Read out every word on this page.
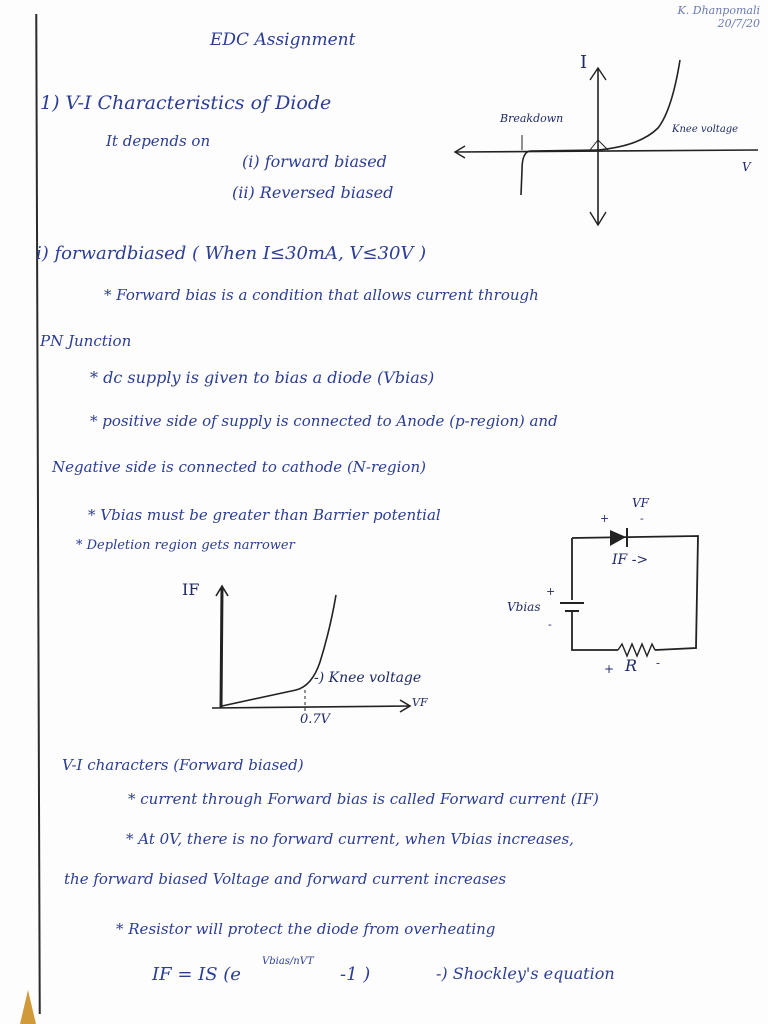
K. Dhanpomali
20/7/20
EDC Assignment
1) V-I Characteristics of Diode
It depends on
(i) forward biased
(ii) Reversed biased
I
V
Breakdown
Knee voltage
i) forwardbiased ( When I≤30mA, V≤30V )
* Forward bias is a condition that allows current through
PN Junction
* dc supply is given to bias a diode (Vbias)
* positive side of supply is connected to Anode (p-region) and
Negative side is connected to cathode (N-region)
* Vbias must be greater than Barrier potential
* Depletion region gets narrower
VF
+	-
IF ->
Vbias
+
-
+ R -
IF
VF
0.7V
-) Knee voltage
V-I characters (Forward biased)
* current through Forward bias is called Forward current (IF)
* At 0V, there is no forward current, when Vbias increases,
the forward biased Voltage and forward current increases
* Resistor will protect the diode from overheating
IF = IS (e
Vbias/nVT
-1 )	-) Shockley's equation
